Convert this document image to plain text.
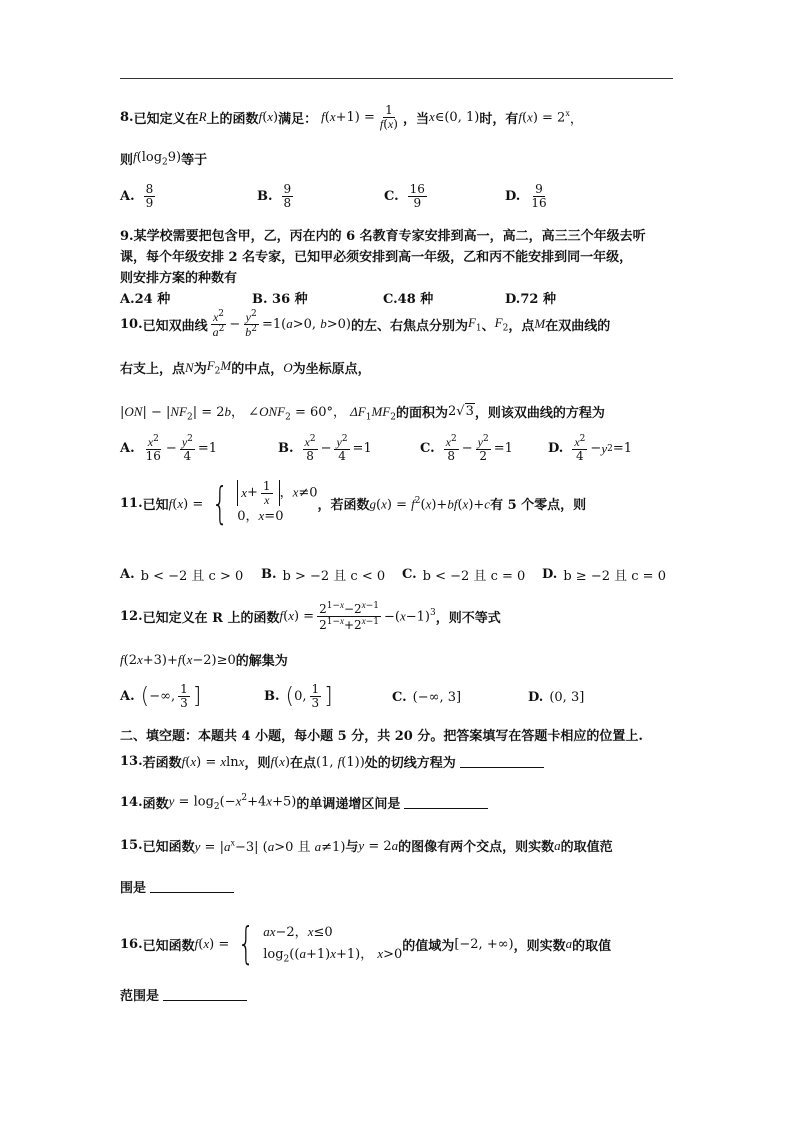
8. 已知定义在 R 上的函数 f ( x ) 满足： $f(x+1) = \frac{1}{f(x)}$ ，当 x ∈(0, 1) 时，有 $f(x) = 2^x$ ，
则 $f(\log_29)$ 等于
A. $\frac{8}{9}$	B. $\frac{9}{8}$	C. $\frac{16}{9}$	D. $\frac{9}{16}$
9.某学校需要把包含甲，乙，丙在内的 6 名教育专家安排到高一，高二，高三三个年级去听
课，每个年级安排 2 名专家，已知甲必须安排到高一年级，乙和丙不能安排到同一年级，
则安排方案的种数有
A.24 种	B. 36 种	C.48 种	D.72 种
10. 已知双曲线 $\frac{x^2}{a^2} - \frac{y^2}{b^2} =1(a>0$, b>0) 的左、右焦点分别为 $F_1$ 、 $F_2$ ，点 M 在双曲线的
右支上，点 N 为 $F_2M$ 的中点， O 为坐标原点，
$|ON| - |NF_2| = 2b$， $\angle ONF_2 = 60^\circ$， $\Delta F_1MF_2$ 的面积为 2√3 ，则该双曲线的方程为
A. $\frac{x^2}{16} - \frac{y^2}{4} =1$	B. $\frac{x^2}{8} - \frac{y^2}{4} =1$	C. $\frac{x^2}{8} - \frac{y^2}{2} =1$	D. $\frac{x^2}{4} - y$ 2 =1
11. 已知 f(x) = { $x + \frac{1}{x}$ ，x≠0
0，x=0
，若函数 $g(x) = f^2(x)+bf(x)+c$ 有 5 个零点，则
A. b < −2 且 c > 0 B. b > −2 且 c < 0 C. b < −2 且 c = 0 D. b ≥ −2 且 c = 0
12. 已知定义在 R 上的函数 $f(x) = \frac{2^{1-x}-2^{x-1}}{2^{1-x}+2^{x-1}} -(x-1)^3$ ，则不等式
f(2x+3)+f(x−2)≥0 的解集为
A. ( −∞, $\frac{1}{3}$ ]	B. ( 0, $\frac{1}{3}$ ]	C. (−∞, 3]	D. (0, 3]
二、填空题：本题共 4 小题，每小题 5 分，共 20 分。把答案填写在答题卡相应的位置上.
13. 若函数 f(x) = xlnx ，则 f(x) 在点 (1, f(1)) 处的切线方程为
14. 函数 $y = \log_2(-x^2+4x+5)$ 的单调递增区间是
15. 已知函数 $y = |a^x-3|$ (a>0 且 a≠1) 与 y = 2a 的图像有两个交点，则实数 a 的取值范
围是
16. 已知函数 f(x) = { ax−2，x≤0
$\log_2((a+1)x+1)$， x>0
的值域为 [−2, +∞) ，则实数 a 的取值
范围是
